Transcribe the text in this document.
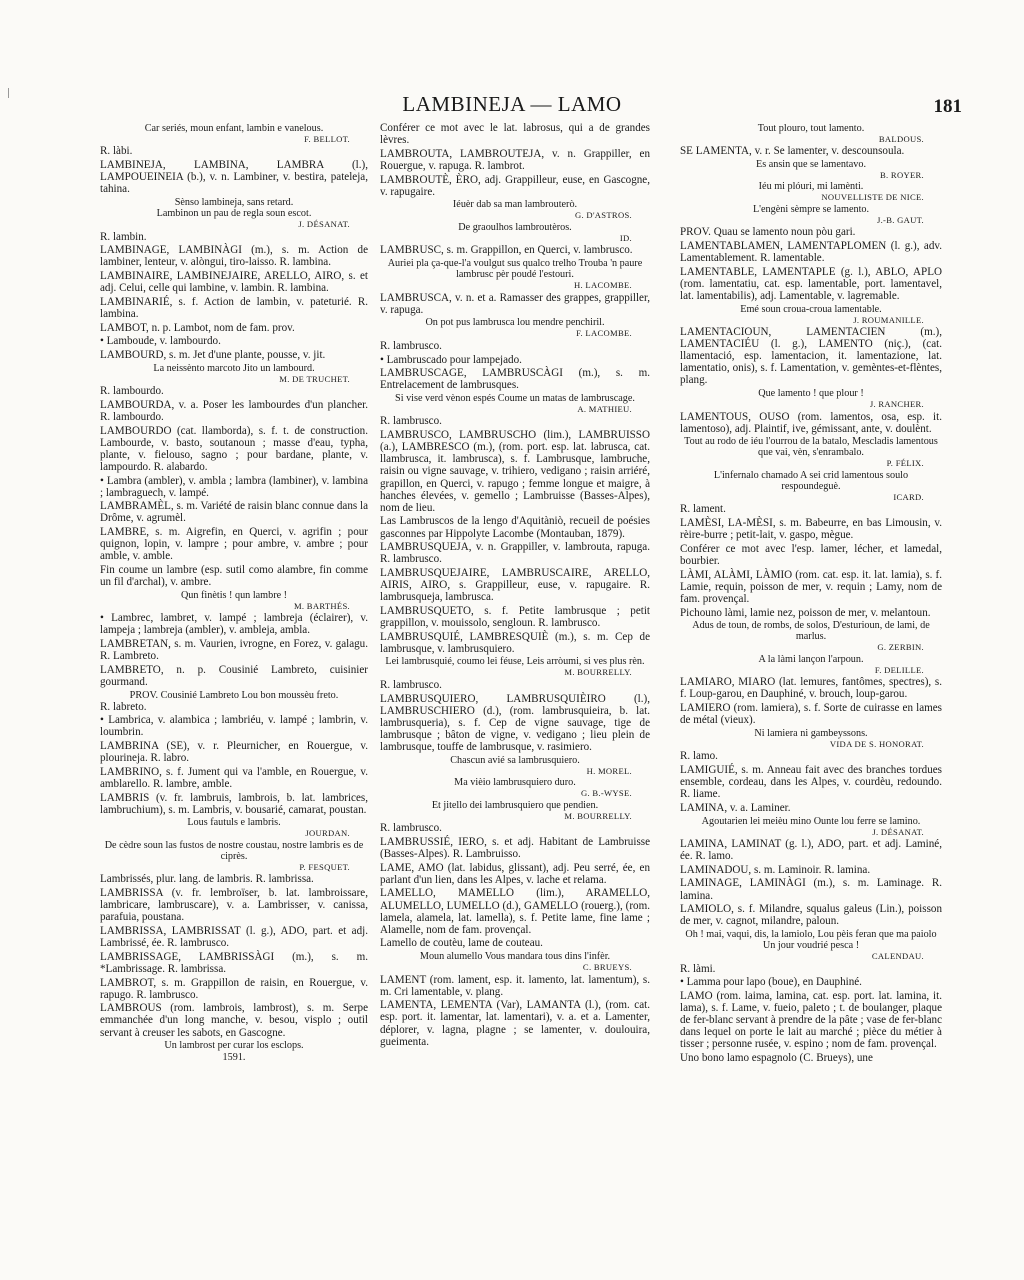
LAMBINEJA — LAMO	181
Car seriés, moun enfant, lambin e vanelous.
F. BELLOT.
R. làbi.
LAMBINEJA, LAMBINA, LAMBRA (l.), LAMPOUEINEIA (b.), v. n. Lambiner, v. bestira, pateleja, tahina.
Sènso lambineja, sans retard.
Lambinon un pau de regla soun escot.
J. DÉSANAT.
R. lambin.
LAMBINAGE, LAMBINÀGI (m.), s. m. Action de lambiner, lenteur, v. alòngui, tiro-laisso. R. lambina.
LAMBINAIRE, LAMBINEJAIRE, ARELLO, AIRO, s. et adj. Celui, celle qui lambine, v. lambin. R. lambina.
LAMBINARIÉ, s. f. Action de lambin, v. pateturié. R. lambina.
LAMBOT, n. p. Lambot, nom de fam. prov.
• Lamboude, v. lambourdo.
LAMBOURD, s. m. Jet d'une plante, pousse, v. jit.
La neissènto marcoto Jito un lambourd.
M. DE TRUCHET.
R. lambourdo.
LAMBOURDA, v. a. Poser les lambourdes d'un plancher. R. lambourdo.
LAMBOURDO (cat. llamborda), s. f. t. de construction. Lambourde, v. basto, soutanoun ; masse d'eau, typha, plante, v. fielouso, sagno ; pour bardane, plante, v. lampourdo. R. alabardo.
• Lambra (ambler), v. ambla ; lambra (lambiner), v. lambina ; lambraguech, v. lampé.
LAMBRAMÈL, s. m. Variété de raisin blanc connue dans la Drôme, v. agrumèl.
LAMBRE, s. m. Aigrefin, en Querci, v. agrifin ; pour quignon, lopin, v. lampre ; pour ambre, v. ambre ; pour amble, v. amble.
Fin coume un lambre (esp. sutil como alambre, fin comme un fil d'archal), v. ambre.
Qun finètis ! qun lambre !
M. BARTHÉS.
• Lambrec, lambret, v. lampé ; lambreja (éclairer), v. lampeja ; lambreja (ambler), v. ambleja, ambla.
LAMBRETAN, s. m. Vaurien, ivrogne, en Forez, v. galagu. R. Lambreto.
LAMBRETO, n. p. Cousinié Lambreto, cuisinier gourmand.
PROV. Cousinié Lambreto Lou bon moussèu freto.
R. labreto.
• Lambrica, v. alambica ; lambriéu, v. lampé ; lambrin, v. loumbrin.
LAMBRINA (SE), v. r. Pleurnicher, en Rouergue, v. plourineja. R. labro.
LAMBRINO, s. f. Jument qui va l'amble, en Rouergue, v. amblarello. R. lambre, amble.
LAMBRIS (v. fr. lambruis, lambrois, b. lat. lambrices, lambruchium), s. m. Lambris, v. bousarié, camarat, poustan.
Lous fautuls e lambris.
JOURDAN.
De cèdre soun las fustos de nostre coustau, nostre lambris es de ciprès.
P. FESQUET.
Lambrissés, plur. lang. de lambris. R. lambrissa.
LAMBRISSA (v. fr. lembroïser, b. lat. lambroissare, lambricare, lambruscare), v. a. Lambrisser, v. canissa, parafuia, poustana.
LAMBRISSA, LAMBRISSAT (l. g.), ADO, part. et adj. Lambrissé, ée. R. lambrusco.
LAMBRISSAGE, LAMBRISSÀGI (m.), s. m. *Lambrissage. R. lambrissa.
LAMBROT, s. m. Grappillon de raisin, en Rouergue, v. rapugo. R. lambrusco.
LAMBROUS (rom. lambrois, lambrost), s. m. Serpe emmanchée d'un long manche, v. besou, visplo ; outil servant à creuser les sabots, en Gascogne.
Un lambrost per curar los esclops.
1591.
Conférer ce mot avec le lat. labrosus, qui a de grandes lèvres.
LAMBROUTA, LAMBROUTEJA, v. n. Grappiller, en Rouergue, v. rapuga. R. lambrot.
LAMBROUTÈ, ÈRO, adj. Grappilleur, euse, en Gascogne, v. rapugaire.
Iéuèr dab sa man lambrouterò.
G. D'ASTROS.
De graoulhos lambroutèros.
ID.
LAMBRUSC, s. m. Grappillon, en Querci, v. lambrusco.
Auriei pla ça-que-l'a voulgut sus qualco trelho Trouba 'n paure lambrusc pèr poudé l'estouri.
H. LACOMBE.
LAMBRUSCA, v. n. et a. Ramasser des grappes, grappiller, v. rapuga.
On pot pus lambrusca lou mendre penchiril.
F. LACOMBE.
R. lambrusco.
• Lambruscado pour lampejado.
LAMBRUSCAGE, LAMBRUSCÀGI (m.), s. m. Entrelacement de lambrusques.
Si vise verd vènon espés Coume un matas de lambruscage.
A. MATHIEU.
R. lambrusco.
LAMBRUSCO, LAMBRUSCHO (lim.), LAMBRUISSO (a.), LAMBRESCO (m.), (rom. port. esp. lat. labrusca, cat. llambrusca, it. lambrusca), s. f. Lambrusque, lambruche, raisin ou vigne sauvage, v. trihiero, vedigano ; raisin arriéré, grapillon, en Querci, v. rapugo ; femme longue et maigre, à hanches élevées, v. gemello ; Lambruisse (Basses-Alpes), nom de lieu.
Las Lambruscos de la lengo d'Aquitàniò, recueil de poésies gasconnes par Hippolyte Lacombe (Montauban, 1879).
LAMBRUSQUEJA, v. n. Grappiller, v. lambrouta, rapuga. R. lambrusco.
LAMBRUSQUEJAIRE, LAMBRUSCAIRE, ARELLO, AIRIS, AIRO, s. Grappilleur, euse, v. rapugaire. R. lambrusqueja, lambrusca.
LAMBRUSQUETO, s. f. Petite lambrusque ; petit grappillon, v. mouissolo, sengloun. R. lambrusco.
LAMBRUSQUIÉ, LAMBRESQUIÈ (m.), s. m. Cep de lambrusque, v. lambrusquiero.
Lei lambrusquié, coumo lei féuse, Leis arròumi, si ves plus rèn.
M. BOURRELLY.
R. lambrusco.
LAMBRUSQUIERO, LAMBRUSQUIÈIRO (l.), LAMBRUSCHIERO (d.), (rom. lambrusquieira, b. lat. lambrusqueria), s. f. Cep de vigne sauvage, tige de lambrusque ; bâton de vigne, v. vedigano ; lieu plein de lambrusque, touffe de lambrusque, v. rasimiero.
Chascun avié sa lambrusquiero.
H. MOREL.
Ma vièio lambrusquiero duro.
G. B.-WYSE.
Et jitello dei lambrusquiero que pendien.
M. BOURRELLY.
R. lambrusco.
LAMBRUSSIÉ, IERO, s. et adj. Habitant de Lambruisse (Basses-Alpes). R. Lambruisso.
LAME, AMO (lat. labidus, glissant), adj. Peu serré, ée, en parlant d'un lien, dans les Alpes, v. lache et relama.
LAMELLO, MAMELLO (lim.), ARAMELLO, ALUMELLO, LUMELLO (d.), GAMELLO (rouerg.), (rom. lamela, alamela, lat. lamella), s. f. Petite lame, fine lame ; Alamelle, nom de fam. provençal.
Lamello de coutèu, lame de couteau.
Moun alumello Vous mandara tous dins l'infèr.
C. BRUEYS.
LAMENT (rom. lament, esp. it. lamento, lat. lamentum), s. m. Cri lamentable, v. plang.
LAMENTA, LEMENTA (Var), LAMANTA (l.), (rom. cat. esp. port. it. lamentar, lat. lamentari), v. a. et a. Lamenter, déplorer, v. lagna, plagne ; se lamenter, v. doulouira, gueimenta.
Tout plouro, tout lamento.
BALDOUS.
SE LAMENTA, v. r. Se lamenter, v. descounsoula.
Es ansin que se lamentavo.
B. ROYER.
Iéu mi plóuri, mi lamènti.
NOUVELLISTE DE NICE.
L'engèni sèmpre se lamento.
J.-B. GAUT.
PROV. Quau se lamento noun pòu gari.
LAMENTABLAMEN, LAMENTAPLOMEN (l. g.), adv. Lamentablement. R. lamentable.
LAMENTABLE, LAMENTAPLE (g. l.), ABLO, APLO (rom. lamentatiu, cat. esp. lamentable, port. lamentavel, lat. lamentabilis), adj. Lamentable, v. lagremable.
Emé soun croua-croua lamentable.
J. ROUMANILLE.
LAMENTACIOUN, LAMENTACIEN (m.), LAMENTACIÉU (l. g.), LAMENTO (niç.), (cat. llamentació, esp. lamentacion, it. lamentazione, lat. lamentatio, onis), s. f. Lamentation, v. gemèntes-et-flèntes, plang.
Que lamento ! que plour !
J. RANCHER.
LAMENTOUS, OUSO (rom. lamentos, osa, esp. it. lamentoso), adj. Plaintif, ive, gémissant, ante, v. doulènt.
Tout au rodo de iéu l'ourrou de la batalo, Mescladis lamentous que vai, vèn, s'enrambalo.
P. FÉLIX.
L'infernalo chamado A sei crid lamentous soulo respoundeguè.
ICARD.
R. lament.
LAMÈSI, LA-MÈSI, s. m. Babeurre, en bas Limousin, v. rèire-burre ; petit-lait, v. gaspo, mègue.
Conférer ce mot avec l'esp. lamer, lécher, et lamedal, bourbier.
LÀMI, ALÀMI, LÀMIO (rom. cat. esp. it. lat. lamia), s. f. Lamie, requin, poisson de mer, v. requin ; Lamy, nom de fam. provençal.
Pichouno làmi, lamie nez, poisson de mer, v. melantoun.
Adus de toun, de rombs, de solos, D'esturioun, de lami, de marlus.
G. ZERBIN.
A la làmi lançon l'arpoun.
F. DELILLE.
LAMIARO, MIARO (lat. lemures, fantômes, spectres), s. f. Loup-garou, en Dauphiné, v. brouch, loup-garou.
LAMIERO (rom. lamiera), s. f. Sorte de cuirasse en lames de métal (vieux).
Ni lamiera ni gambeyssons.
VIDA DE S. HONORAT.
R. lamo.
LAMIGUIÉ, s. m. Anneau fait avec des branches tordues ensemble, cordeau, dans les Alpes, v. courdèu, redoundo. R. liame.
LAMINA, v. a. Laminer.
Agoutarien lei meièu mino Ounte lou ferre se lamino.
J. DÉSANAT.
LAMINA, LAMINAT (g. l.), ADO, part. et adj. Laminé, ée. R. lamo.
LAMINADOU, s. m. Laminoir. R. lamina.
LAMINAGE, LAMINÀGI (m.), s. m. Laminage. R. lamina.
LAMIOLO, s. f. Milandre, squalus galeus (Lin.), poisson de mer, v. cagnot, milandre, paloun.
Oh ! mai, vaqui, dis, la lamiolo, Lou pèis feran que ma paiolo Un jour voudrié pesca !
CALENDAU.
R. làmi.
• Lamma pour lapo (boue), en Dauphiné.
LAMO (rom. laima, lamina, cat. esp. port. lat. lamina, it. lama), s. f. Lame, v. fueio, paleto ; t. de boulanger, plaque de fer-blanc servant à prendre de la pâte ; vase de fer-blanc dans lequel on porte le lait au marché ; pièce du métier à tisser ; personne rusée, v. espino ; nom de fam. provençal.
Uno bono lamo espagnolo (C. Brueys), une
